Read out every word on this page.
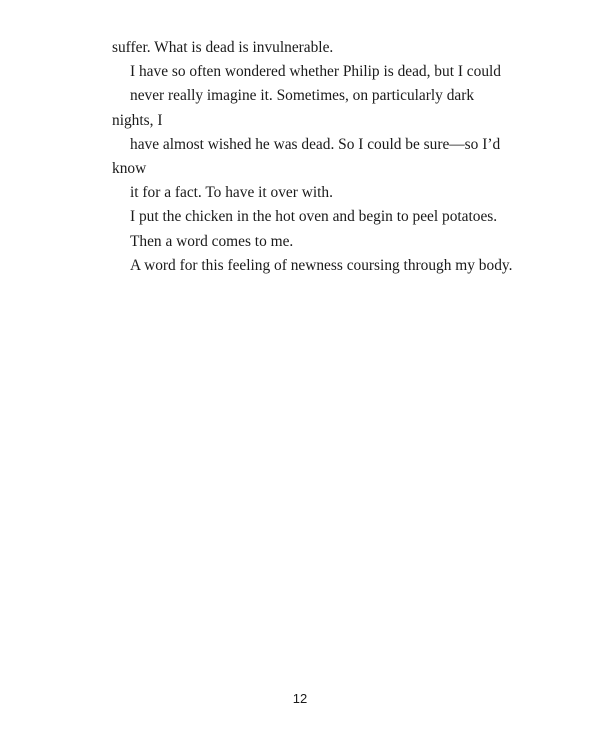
suffer. What is dead is invulnerable.

I have so often wondered whether Philip is dead, but I could
never really imagine it. Sometimes, on particularly dark nights, I
have almost wished he was dead. So I could be sure—so I’d know
it for a fact. To have it over with.

I put the chicken in the hot oven and begin to peel potatoes.
Then a word comes to me.

A word for this feeling of newness coursing through my body.

12
